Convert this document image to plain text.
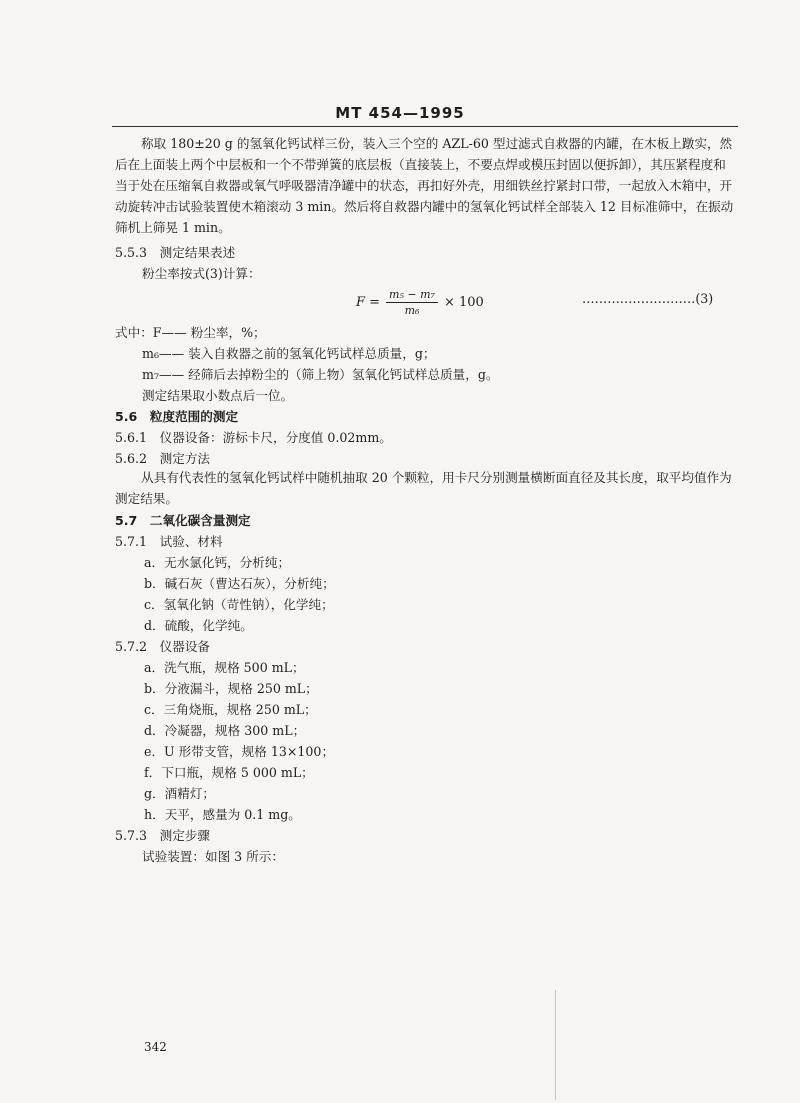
MT 454—1995
称取 180±20 g 的氢氧化钙试样三份，装入三个空的 AZL-60 型过滤式自救器的内罐，在木板上蹾实，然后在上面装上两个中层板和一个不带弹簧的底层板（直接装上，不要点焊或模压封固以便拆卸），其压紧程度和当于处在压缩氧自救器或氧气呼吸器清净罐中的状态，再扣好外壳，用细铁丝拧紧封口带，一起放入木箱中，开动旋转冲击试验装置使木箱滚动 3 min。然后将自救器内罐中的氢氧化钙试样全部装入 12 目标准筛中，在振动筛机上筛晃 1 min。
5.5.3　测定结果表述
粉尘率按式(3)计算：
$F = \frac{\text{m₅ − m₇}}{\text{m₆}} \times 100$	………………………(3)
式中：F—— 粉尘率，%；
m₆—— 装入自救器之前的氢氧化钙试样总质量，g；
m₇—— 经筛后去掉粉尘的（筛上物）氢氧化钙试样总质量，g。
测定结果取小数点后一位。
5.6　粒度范围的测定
5.6.1　仪器设备：游标卡尺，分度值 0.02mm。
5.6.2　测定方法
从具有代表性的氢氧化钙试样中随机抽取 20 个颗粒，用卡尺分别测量横断面直径及其长度，取平均值作为测定结果。
5.7　二氧化碳含量测定
5.7.1　试验、材料
a．无水氯化钙，分析纯；
b．碱石灰（曹达石灰），分析纯；
c．氢氧化钠（苛性钠），化学纯；
d．硫酸，化学纯。
5.7.2　仪器设备
a．洗气瓶，规格 500 mL；
b．分液漏斗，规格 250 mL；
c．三角烧瓶，规格 250 mL；
d．冷凝器，规格 300 mL；
e．U 形带支管，规格 13×100；
f．下口瓶，规格 5 000 mL；
g．酒精灯；
h．天平，感量为 0.1 mg。
5.7.3　测定步骤
试验装置：如图 3 所示：
342
